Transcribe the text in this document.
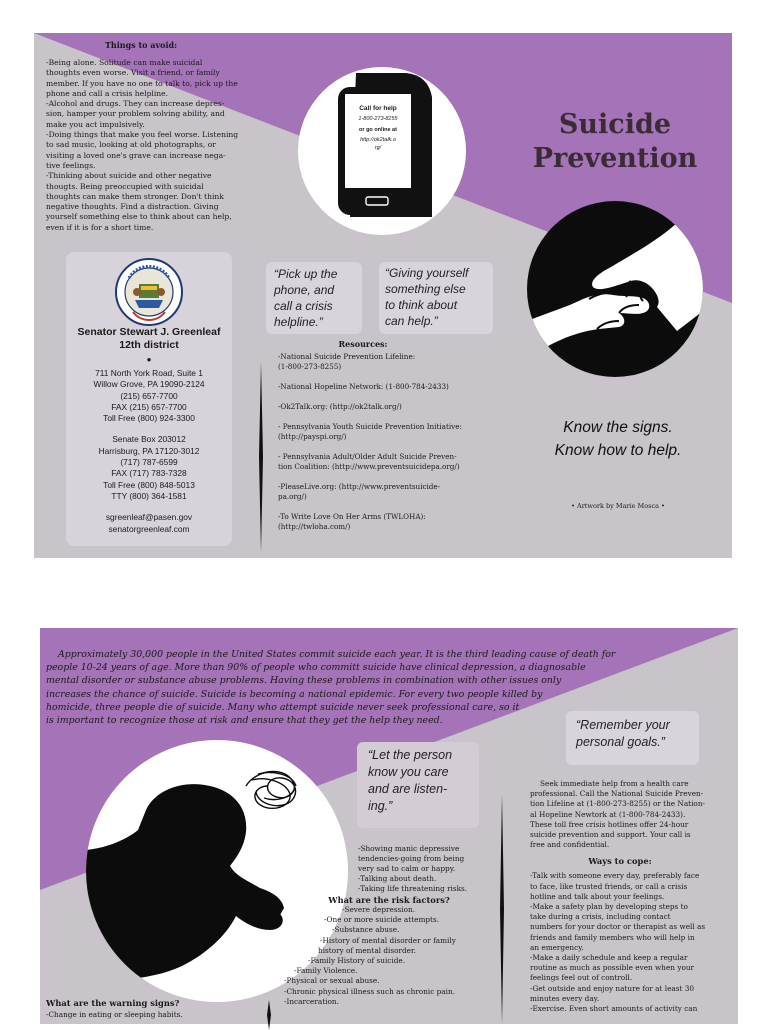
Things to avoid:
-Being alone. Solitude can make suicidal
thoughts even worse. Visit a friend, or family
member. If you have no one to talk to, pick up the
phone and call a crisis helpline.
-Alcohol and drugs. They can increase depres-
sion, hamper your problem solving ability, and
make you act impulsively.
-Doing things that make you feel worse. Listening
to sad music, looking at old photographs, or
visiting a loved one's grave can increase nega-
tive feelings.
-Thinking about suicide and other negative
thougts. Being preoccupied with suicidal
thoughts can make them stronger. Don't think
negative thoughts. Find a distraction. Giving
yourself something else to think about can help,
even if it is for a short time.
Call for help
1-800-273-8255
or go online at
http://ok2talk.o
rg/
Suicide
Prevention
Senator Stewart J. Greenleaf
12th district
●
711 North York Road, Suite 1
Willow Grove, PA 19090-2124
(215) 657-7700
FAX (215) 657-7700
Toll Free (800) 924-3300
Senate Box 203012
Harrisburg, PA 17120-3012
(717) 787-6599
FAX (717) 783-7328
Toll Free (800) 848-5013
TTY (800) 364-1581
sgreenleaf@pasen.gov
senatorgreenleaf.com
“Pick up the
phone, and
call a crisis
helpline.”
“Giving yourself
something else
to think about
can help.”
Resources:
-National Suicide Prevention Lifeline:
(1-800-273-8255)
-National Hopeline Network: (1-800-784-2433)
-Ok2Talk.org: (http://ok2talk.org/)
- Pennsylvania Youth Suicide Prevention Initiative:
(http://payspi.org/)
- Pennsylvania Adult/Older Adult Suicide Preven-
tion Coalition: (http://www.preventsuicidepa.org/)
-PleaseLive.org: (http://www.preventsuicide-
pa.org/)
-To Write Love On Her Arms (TWLOHA):
(http://twloha.com/)
Know the signs.
Know how to help.
• Artwork by Marie Mosca •
Approximately 30,000 people in the United States commit suicide each year. It is the third leading cause of death for
people 10-24 years of age. More than 90% of people who committ suicide have clinical depression, a diagnosable
mental disorder or substance abuse problems. Having these problems in combination with other issues only
increases the chance of suicide. Suicide is becoming a national epidemic. For every two people killed by
homicide, three people die of suicide. Many who attempt suicide never seek professional care, so it
is important to recognize those at risk and ensure that they get the help they need.	“Remember your
personal goals.”
“Let the person
know you care
and are listen-
ing.”
-Showing manic depressive
tendencies-going from being
very sad to calm or happy.
-Talking about death.
-Taking life threatening risks.
What are the risk factors?
-Severe depression.
-One or more suicide attempts.
-Substance abuse.
-History of mental disorder or family
history of mental disorder.
-Family History of suicide.
-Family Violence.
-Physical or sexual abuse.
-Chronic physical illness such as chronic pain.
-Incarceration.
What are the warning signs?
-Change in eating or sleeping habits.
Seek immediate help from a health care
professional. Call the National Suicide Preven-
tion Lifeline at (1-800-273-8255) or the Nation-
al Hopeline Newtork at (1-800-784-2433).
These toll free crisis hotlines offer 24-hour
suicide prevention and support. Your call is
free and confidential.
Ways to cope:
-Talk with someone every day, preferably face
to face, like trusted friends, or call a crisis
hotline and talk about your feelings.
-Make a safety plan by developing steps to
take during a crisis, including contact
numbers for your doctor or therapist as well as
friends and family members who will help in
an emergency.
-Make a daily schedule and keep a regular
routine as much as possible even when your
feelings feel out of controll.
-Get outside and enjoy nature for at least 30
minutes every day.
-Exercise. Even short amounts of activity can
